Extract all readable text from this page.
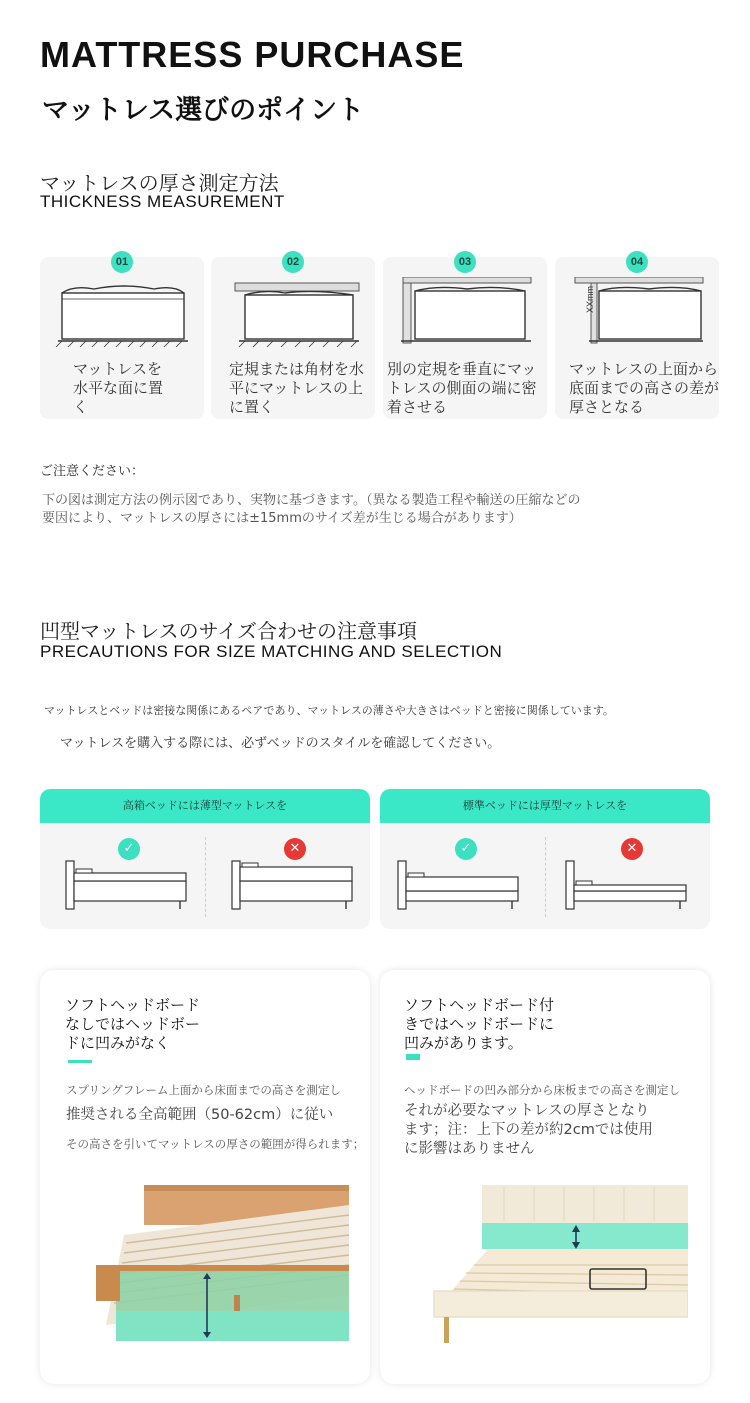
MATTRESS PURCHASE
マットレス選びのポイント
マットレスの厚さ測定方法
THICKNESS MEASUREMENT
01
マットレスを水平な面に置く
02
定規または角材を水平にマットレスの上に置く
03
別の定規を垂直にマットレスの側面の端に密着させる
04
XXmm
マットレスの上面から底面までの高さの差が厚さとなる
ご注意ください：
下の図は測定方法の例示図であり、実物に基づきます。（異なる製造工程や輸送の圧縮などの
要因により、マットレスの厚さには±15mmのサイズ差が生じる場合があります）
凹型マットレスのサイズ合わせの注意事項
PRECAUTIONS FOR SIZE MATCHING AND SELECTION
マットレスとベッドは密接な関係にあるペアであり、マットレスの薄さや大きさはベッドと密接に関係しています。
マットレスを購入する際には、必ずベッドのスタイルを確認してください。
高箱ベッドには薄型マットレスを
✓	✕
標準ベッドには厚型マットレスを
✓	✕
ソフトヘッドボード
なしではヘッドボー
ドに凹みがなく
スプリングフレーム上面から床面までの高さを測定し
推奨される全高範囲（50-62cm）に従い
その高さを引いてマットレスの厚さの範囲が得られます；
ソフトヘッドボード付
きではヘッドボードに
凹みがあります。
ヘッドボードの凹み部分から床板までの高さを測定し
それが必要なマットレスの厚さとなり
ます；注：上下の差が約2cmでは使用
に影響はありません
